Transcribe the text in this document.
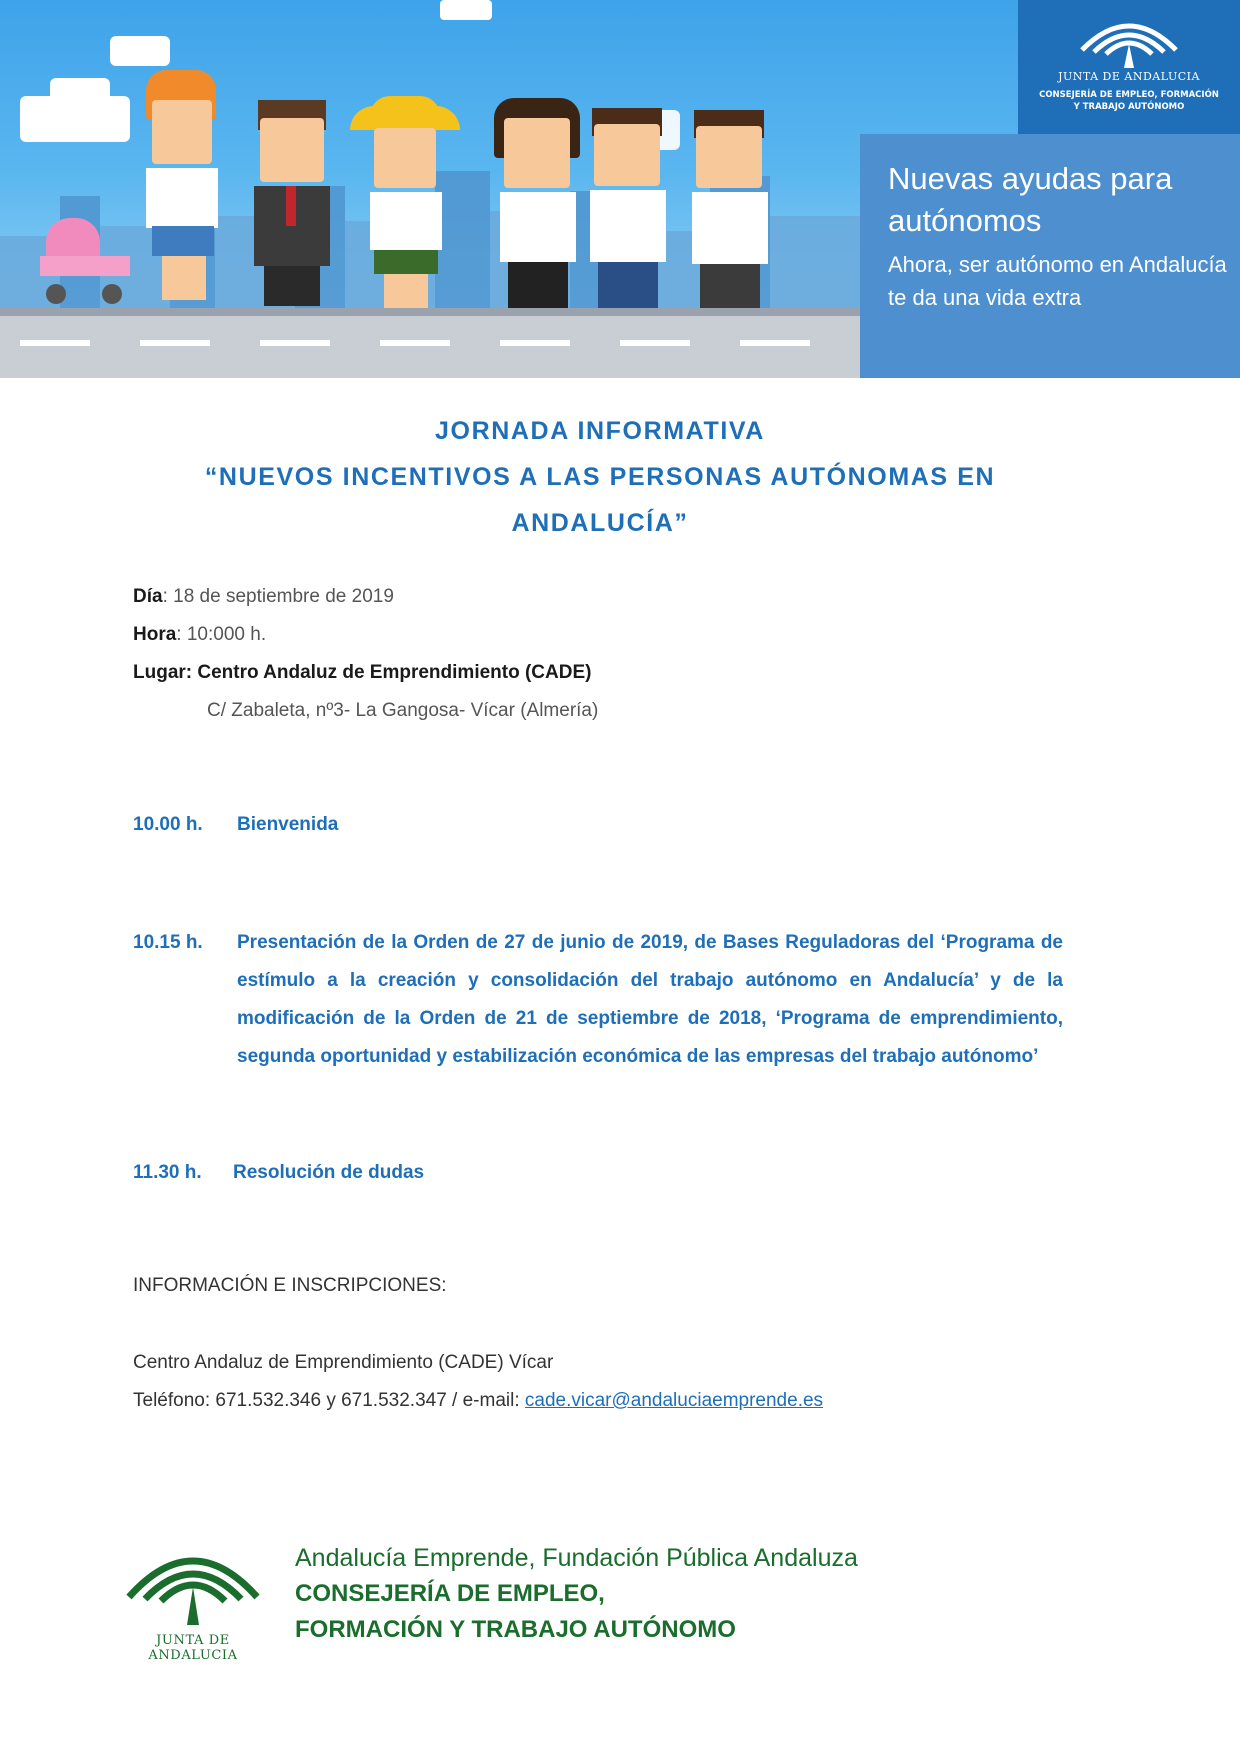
JUNTA DE ANDALUCIA
CONSEJERÍA DE EMPLEO, FORMACIÓN
Y TRABAJO AUTÓNOMO
Nuevas ayudas para autónomos
Ahora, ser autónomo en Andalucía te da una vida extra
JORNADA INFORMATIVA
“NUEVOS INCENTIVOS A LAS PERSONAS AUTÓNOMAS EN
ANDALUCÍA”
Día: 18 de septiembre de 2019
Hora: 10:000 h.
Lugar: Centro Andaluz de Emprendimiento (CADE)
C/ Zabaleta, nº3- La Gangosa- Vícar (Almería)
10.00 h. Bienvenida
10.15 h. Presentación de la Orden de 27 de junio de 2019, de Bases Reguladoras del ‘Programa de estímulo a la creación y consolidación del trabajo autónomo en Andalucía’ y de la modificación de la Orden de 21 de septiembre de 2018, ‘Programa de emprendimiento, segunda oportunidad y estabilización económica de las empresas del trabajo autónomo’
11.30 h. Resolución de dudas
INFORMACIÓN E INSCRIPCIONES:
Centro Andaluz de Emprendimiento (CADE) Vícar
Teléfono: 671.532.346 y 671.532.347 / e-mail: cade.vicar@andaluciaemprende.es
JUNTA DE ANDALUCIA
Andalucía Emprende, Fundación Pública Andaluza
CONSEJERÍA DE EMPLEO,
FORMACIÓN Y TRABAJO AUTÓNOMO
